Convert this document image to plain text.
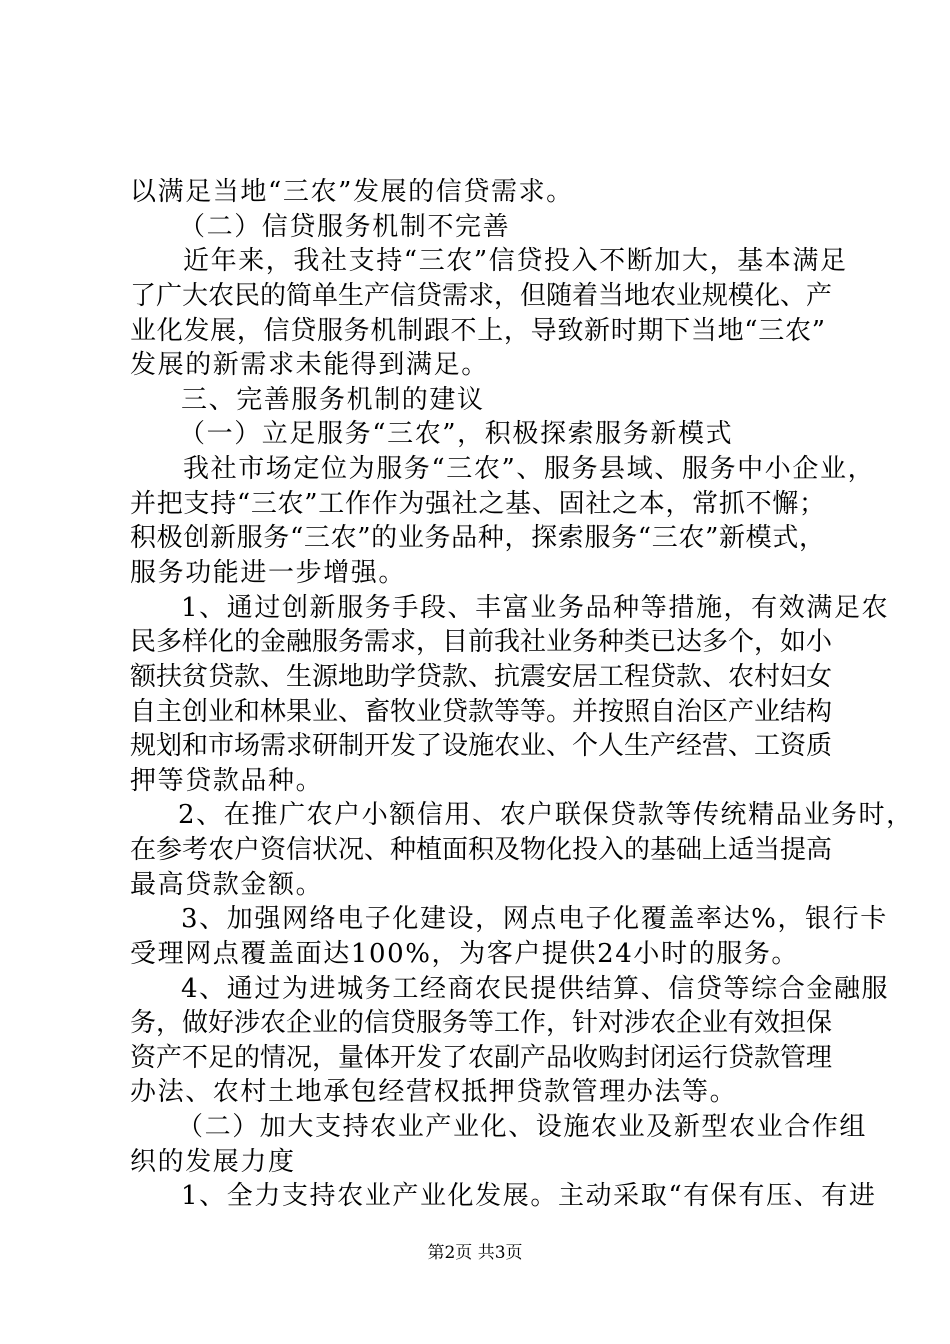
以满足当地“三农”发展的信贷需求。
（二）信贷服务机制不完善
近年来，我社支持“三农”信贷投入不断加大，基本满足
了广大农民的简单生产信贷需求，但随着当地农业规模化、产
业化发展，信贷服务机制跟不上，导致新时期下当地“三农”
发展的新需求未能得到满足。
三、完善服务机制的建议
（一）立足服务“三农”，积极探索服务新模式
我社市场定位为服务“三农”、服务县域、服务中小企业，
并把支持“三农”工作作为强社之基、固社之本，常抓不懈；
积极创新服务“三农”的业务品种，探索服务“三农”新模式，
服务功能进一步增强。
1、通过创新服务手段、丰富业务品种等措施，有效满足农
民多样化的金融服务需求，目前我社业务种类已达多个，如小
额扶贫贷款、生源地助学贷款、抗震安居工程贷款、农村妇女
自主创业和林果业、畜牧业贷款等等。并按照自治区产业结构
规划和市场需求研制开发了设施农业、个人生产经营、工资质
押等贷款品种。
2、在推广农户小额信用、农户联保贷款等传统精品业务时，
在参考农户资信状况、种植面积及物化投入的基础上适当提高
最高贷款金额。
3、加强网络电子化建设，网点电子化覆盖率达%，银行卡
受理网点覆盖面达100%，为客户提供24小时的服务。
4、通过为进城务工经商农民提供结算、信贷等综合金融服
务，做好涉农企业的信贷服务等工作，针对涉农企业有效担保
资产不足的情况，量体开发了农副产品收购封闭运行贷款管理
办法、农村土地承包经营权抵押贷款管理办法等。
（二）加大支持农业产业化、设施农业及新型农业合作组
织的发展力度
1、全力支持农业产业化发展。主动采取“有保有压、有进
第2页 共3页
